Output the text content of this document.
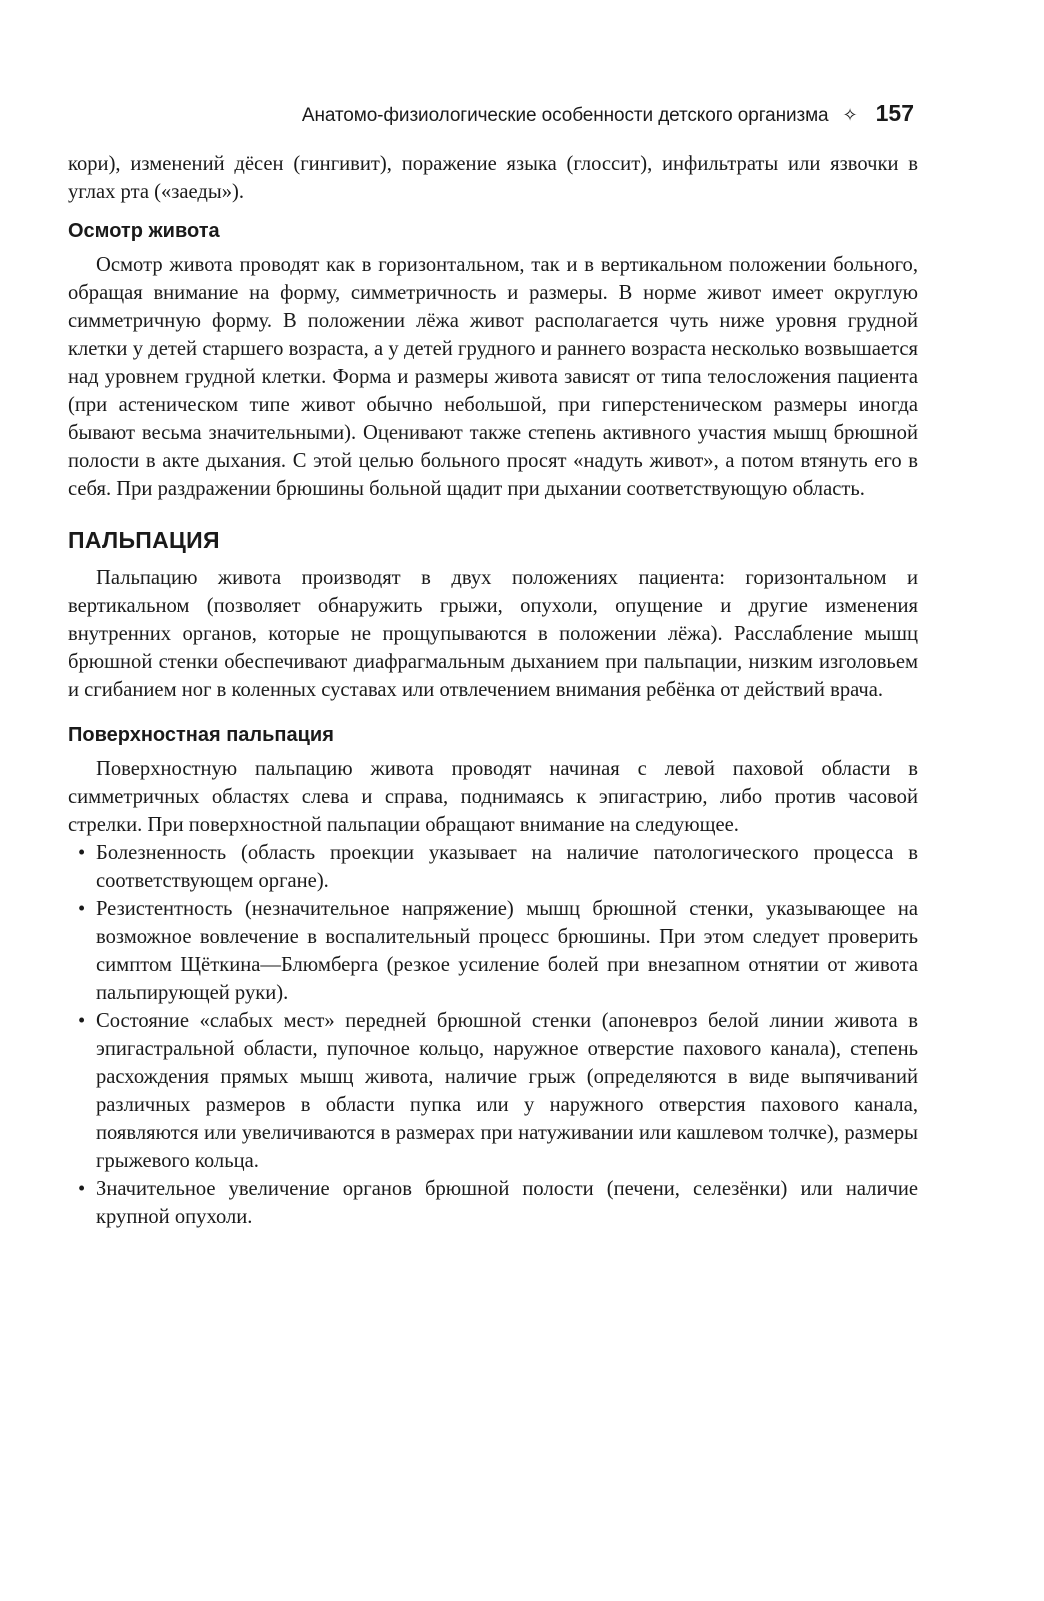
Анатомо-физиологические особенности детского организма ✧ 157

кори), изменений дёсен (гингивит), поражение языка (глоссит), инфильтраты или язвочки в углах рта («заеды»).

Осмотр живота

Осмотр живота проводят как в горизонтальном, так и в вертикальном положении больного, обращая внимание на форму, симметричность и размеры. В норме живот имеет округлую симметричную форму. В положении лёжа живот располагается чуть ниже уровня грудной клетки у детей старшего возраста, а у детей грудного и раннего возраста несколько возвышается над уровнем грудной клетки. Форма и размеры живота зависят от типа телосложения пациента (при астеническом типе живот обычно небольшой, при гиперстеническом размеры иногда бывают весьма значительными). Оценивают также степень активного участия мышц брюшной полости в акте дыхания. С этой целью больного просят «надуть живот», а потом втянуть его в себя. При раздражении брюшины больной щадит при дыхании соответствующую область.

ПАЛЬПАЦИЯ

Пальпацию живота производят в двух положениях пациента: горизонтальном и вертикальном (позволяет обнаружить грыжи, опухоли, опущение и другие изменения внутренних органов, которые не прощупываются в положении лёжа). Расслабление мышц брюшной стенки обеспечивают диафрагмальным дыханием при пальпации, низким изголовьем и сгибанием ног в коленных суставах или отвлечением внимания ребёнка от действий врача.

Поверхностная пальпация

Поверхностную пальпацию живота проводят начиная с левой паховой области в симметричных областях слева и справа, поднимаясь к эпигастрию, либо против часовой стрелки. При поверхностной пальпации обращают внимание на следующее.

• Болезненность (область проекции указывает на наличие патологического процесса в соответствующем органе).
• Резистентность (незначительное напряжение) мышц брюшной стенки, указывающее на возможное вовлечение в воспалительный процесс брюшины. При этом следует проверить симптом Щёткина—Блюмберга (резкое усиление болей при внезапном отнятии от живота пальпирующей руки).
• Состояние «слабых мест» передней брюшной стенки (апоневроз белой линии живота в эпигастральной области, пупочное кольцо, наружное отверстие пахового канала), степень расхождения прямых мышц живота, наличие грыж (определяются в виде выпячиваний различных размеров в области пупка или у наружного отверстия пахового канала, появляются или увеличиваются в размерах при натуживании или кашлевом толчке), размеры грыжевого кольца.
• Значительное увеличение органов брюшной полости (печени, селезёнки) или наличие крупной опухоли.
